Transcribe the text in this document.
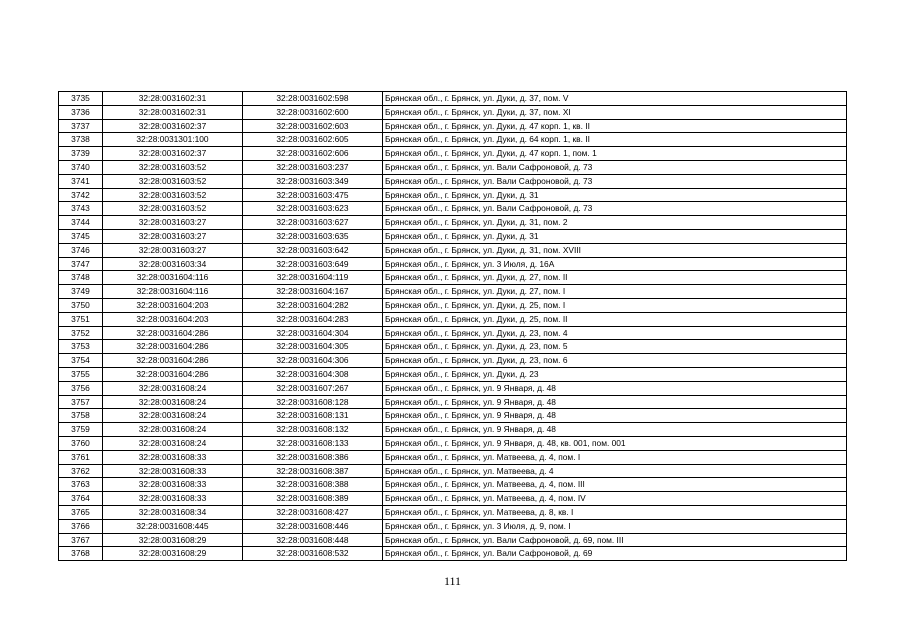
3735	32:28:0031602:31	32:28:0031602:598	Брянская обл., г. Брянск, ул. Дуки, д. 37, пом. V
3736	32:28:0031602:31	32:28:0031602:600	Брянская обл., г. Брянск, ул. Дуки, д. 37, пом. XI
3737	32:28:0031602:37	32:28:0031602:603	Брянская обл., г. Брянск, ул. Дуки, д. 47 корп. 1, кв. II
3738	32:28:0031301:100	32:28:0031602:605	Брянская обл., г. Брянск, ул. Дуки, д. 64 корп. 1, кв. II
3739	32:28:0031602:37	32:28:0031602:606	Брянская обл., г. Брянск, ул. Дуки, д. 47 корп. 1, пом. 1
3740	32:28:0031603:52	32:28:0031603:237	Брянская обл., г. Брянск, ул. Вали Сафроновой, д. 73
3741	32:28:0031603:52	32:28:0031603:349	Брянская обл., г. Брянск, ул. Вали Сафроновой, д. 73
3742	32:28:0031603:52	32:28:0031603:475	Брянская обл., г. Брянск, ул. Дуки, д. 31
3743	32:28:0031603:52	32:28:0031603:623	Брянская обл., г. Брянск, ул. Вали Сафроновой, д. 73
3744	32:28:0031603:27	32:28:0031603:627	Брянская обл., г. Брянск, ул. Дуки, д. 31, пом. 2
3745	32:28:0031603:27	32:28:0031603:635	Брянская обл., г. Брянск, ул. Дуки, д. 31
3746	32:28:0031603:27	32:28:0031603:642	Брянская обл., г. Брянск, ул. Дуки, д. 31, пом. XVIII
3747	32:28:0031603:34	32:28:0031603:649	Брянская обл., г. Брянск, ул. 3 Июля, д. 16А
3748	32:28:0031604:116	32:28:0031604:119	Брянская обл., г. Брянск, ул. Дуки, д. 27, пом. II
3749	32:28:0031604:116	32:28:0031604:167	Брянская обл., г. Брянск, ул. Дуки, д. 27, пом. I
3750	32:28:0031604:203	32:28:0031604:282	Брянская обл., г. Брянск, ул. Дуки, д. 25, пом. I
3751	32:28:0031604:203	32:28:0031604:283	Брянская обл., г. Брянск, ул. Дуки, д. 25, пом. II
3752	32:28:0031604:286	32:28:0031604:304	Брянская обл., г. Брянск, ул. Дуки, д. 23, пом. 4
3753	32:28:0031604:286	32:28:0031604:305	Брянская обл., г. Брянск, ул. Дуки, д. 23, пом. 5
3754	32:28:0031604:286	32:28:0031604:306	Брянская обл., г. Брянск, ул. Дуки, д. 23, пом. 6
3755	32:28:0031604:286	32:28:0031604:308	Брянская обл., г. Брянск, ул. Дуки, д. 23
3756	32:28:0031608:24	32:28:0031607:267	Брянская обл., г. Брянск, ул. 9 Января, д. 48
3757	32:28:0031608:24	32:28:0031608:128	Брянская обл., г. Брянск, ул. 9 Января, д. 48
3758	32:28:0031608:24	32:28:0031608:131	Брянская обл., г. Брянск, ул. 9 Января, д. 48
3759	32:28:0031608:24	32:28:0031608:132	Брянская обл., г. Брянск, ул. 9 Января, д. 48
3760	32:28:0031608:24	32:28:0031608:133	Брянская обл., г. Брянск, ул. 9 Января, д. 48, кв. 001, пом. 001
3761	32:28:0031608:33	32:28:0031608:386	Брянская обл., г. Брянск, ул. Матвеева, д. 4, пом. I
3762	32:28:0031608:33	32:28:0031608:387	Брянская обл., г. Брянск, ул. Матвеева, д. 4
3763	32:28:0031608:33	32:28:0031608:388	Брянская обл., г. Брянск, ул. Матвеева, д. 4, пом. III
3764	32:28:0031608:33	32:28:0031608:389	Брянская обл., г. Брянск, ул. Матвеева, д. 4, пом. IV
3765	32:28:0031608:34	32:28:0031608:427	Брянская обл., г. Брянск, ул. Матвеева, д. 8, кв. I
3766	32:28:0031608:445	32:28:0031608:446	Брянская обл., г. Брянск, ул. 3 Июля, д. 9, пом. I
3767	32:28:0031608:29	32:28:0031608:448	Брянская обл., г. Брянск, ул. Вали Сафроновой, д. 69, пом. III
3768	32:28:0031608:29	32:28:0031608:532	Брянская обл., г. Брянск, ул. Вали Сафроновой, д. 69
111
